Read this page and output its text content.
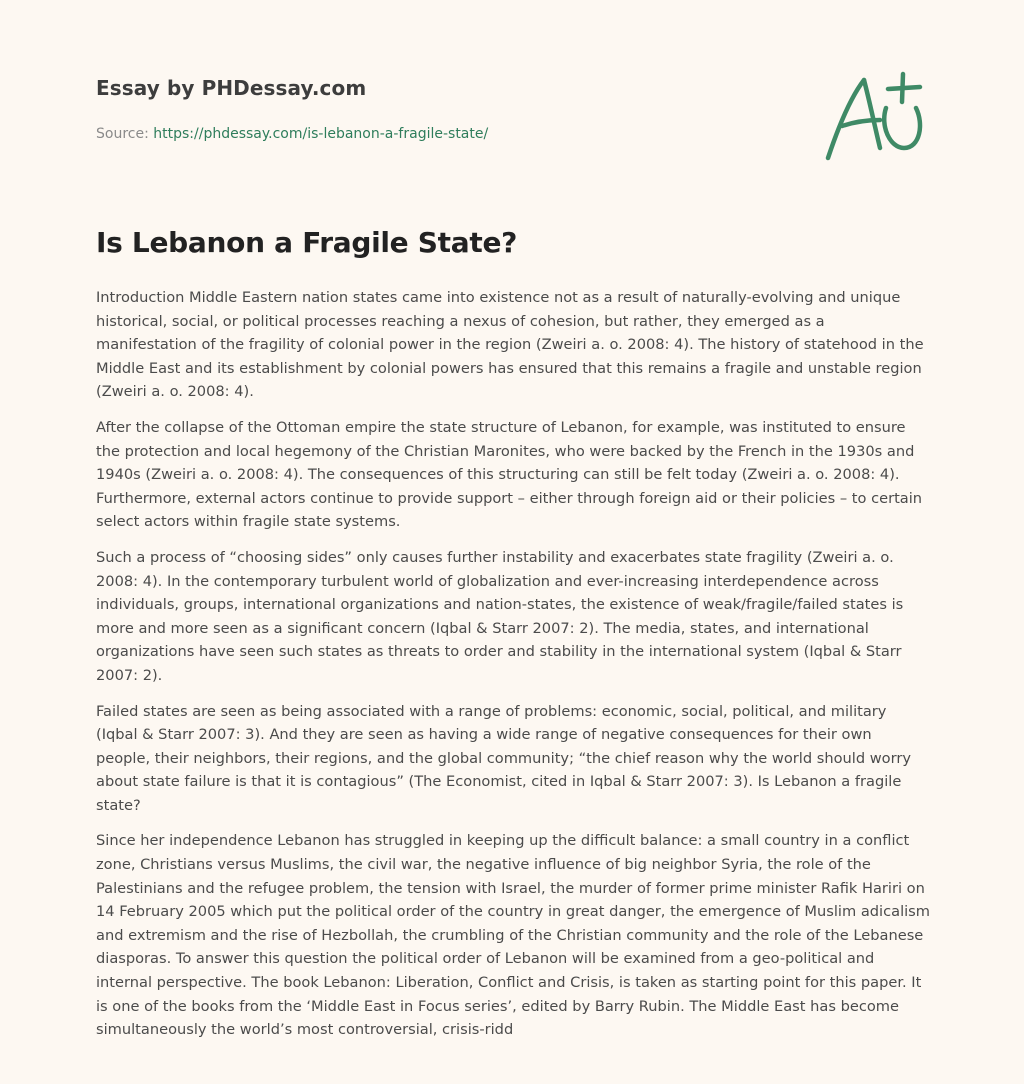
Essay by PHDessay.com

Source: https://phdessay.com/is-lebanon-a-fragile-state/
Is Lebanon a Fragile State?

Introduction Middle Eastern nation states came into existence not as a result of naturally-evolving and unique historical, social, or political processes reaching a nexus of cohesion, but rather, they emerged as a manifestation of the fragility of colonial power in the region (Zweiri a. o. 2008: 4). The history of statehood in the Middle East and its establishment by colonial powers has ensured that this remains a fragile and unstable region (Zweiri a. o. 2008: 4).

After the collapse of the Ottoman empire the state structure of Lebanon, for example, was instituted to ensure the protection and local hegemony of the Christian Maronites, who were backed by the French in the 1930s and 1940s (Zweiri a. o. 2008: 4). The consequences of this structuring can still be felt today (Zweiri a. o. 2008: 4). Furthermore, external actors continue to provide support – either through foreign aid or their policies – to certain select actors within fragile state systems.

Such a process of “choosing sides” only causes further instability and exacerbates state fragility (Zweiri a. o. 2008: 4). In the contemporary turbulent world of globalization and ever-increasing interdependence across individuals, groups, international organizations and nation-states, the existence of weak/fragile/failed states is more and more seen as a significant concern (Iqbal & Starr 2007: 2). The media, states, and international organizations have seen such states as threats to order and stability in the international system (Iqbal & Starr 2007: 2).

Failed states are seen as being associated with a range of problems: economic, social, political, and military (Iqbal & Starr 2007: 3). And they are seen as having a wide range of negative consequences for their own people, their neighbors, their regions, and the global community; “the chief reason why the world should worry about state failure is that it is contagious” (The Economist, cited in Iqbal & Starr 2007: 3). Is Lebanon a fragile state?

Since her independence Lebanon has struggled in keeping up the difficult balance: a small country in a conflict zone, Christians versus Muslims, the civil war, the negative influence of big neighbor Syria, the role of the Palestinians and the refugee problem, the tension with Israel, the murder of former prime minister Rafik Hariri on 14 February 2005 which put the political order of the country in great danger, the emergence of Muslim adicalism and extremism and the rise of Hezbollah, the crumbling of the Christian community and the role of the Lebanese diasporas. To answer this question the political order of Lebanon will be examined from a geo-political and internal perspective. The book Lebanon: Liberation, Conflict and Crisis, is taken as starting point for this paper. It is one of the books from the ‘Middle East in Focus series’, edited by Barry Rubin. The Middle East has become simultaneously the world’s most controversial, crisis-ridd
